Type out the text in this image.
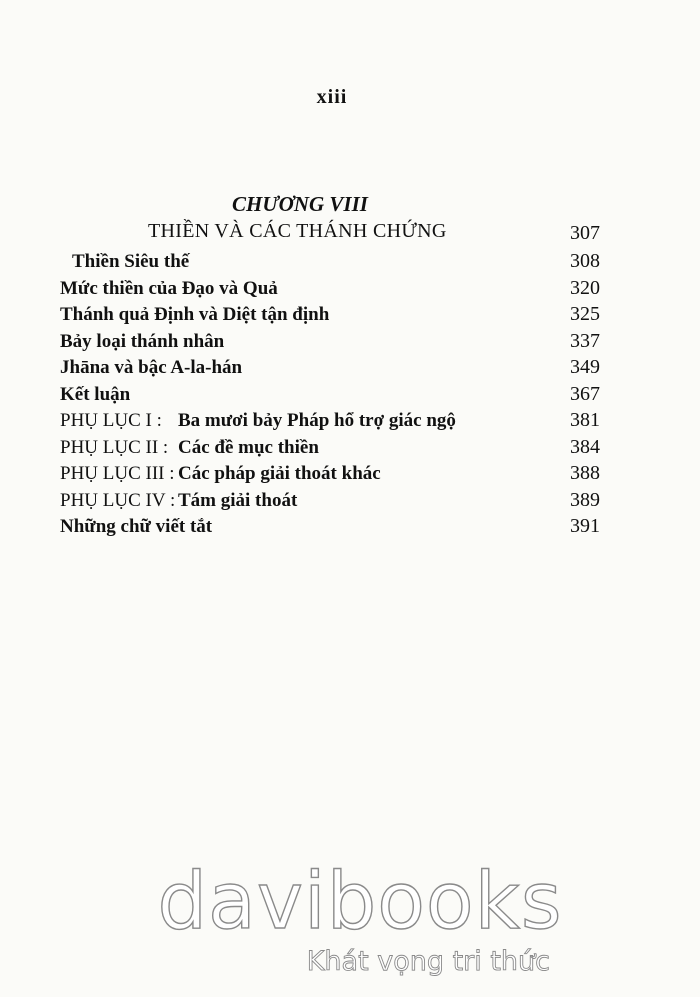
xiii
CHƯƠNG VIII
THIỀN VÀ CÁC THÁNH CHỨNG	307
Thiền Siêu thế	308
Mức thiền của Đạo và Quả	320
Thánh quả Định và Diệt tận định	325
Bảy loại thánh nhân	337
Jhāna và bậc A-la-hán	349
Kết luận	367
PHỤ LỤC I : Ba mươi bảy Pháp hổ trợ giác ngộ	381
PHỤ LỤC II : Các đề mục thiền	384
PHỤ LỤC III : Các pháp giải thoát khác	388
PHỤ LỤC IV : Tám giải thoát	389
Những chữ viết tắt	391
davibooks
Khát vọng tri thức
